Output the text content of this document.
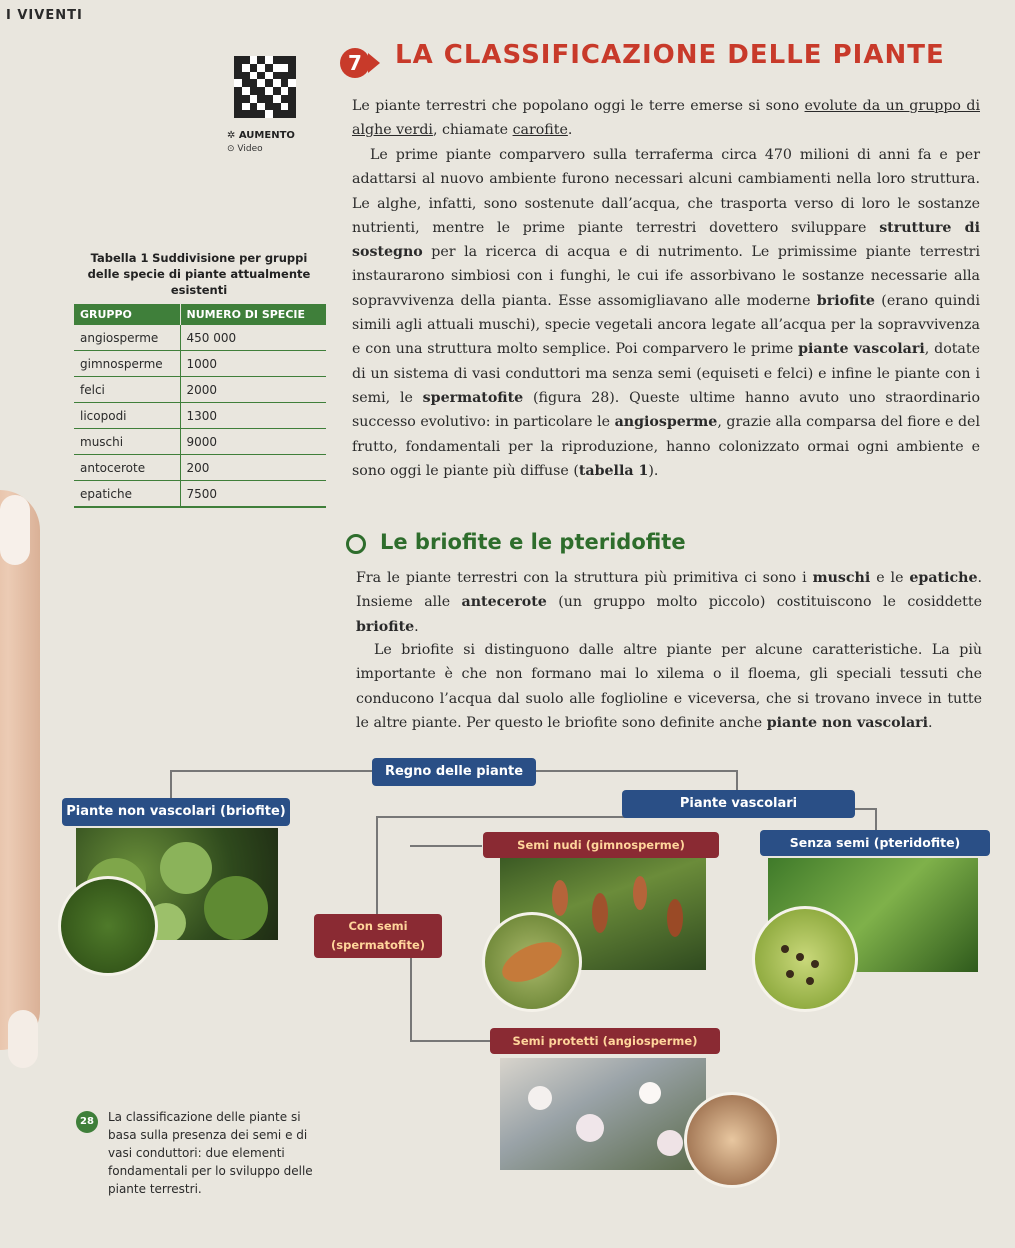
I VIVENTI
✲ AUMENTO
⊙ Video
7	LA CLASSIFICAZIONE DELLE PIANTE

Le piante terrestri che popolano oggi le terre emerse si sono evolute da un gruppo di alghe verdi, chiamate carofite.

Le prime piante comparvero sulla terraferma circa 470 milioni di anni fa e per adattarsi al nuovo ambiente furono necessari alcuni cambiamenti nella loro struttura. Le alghe, infatti, sono sostenute dall’acqua, che trasporta verso di loro le sostanze nutrienti, mentre le prime piante terrestri dovettero sviluppare strutture di sostegno per la ricerca di acqua e di nutrimento. Le primissime piante terrestri instaurarono simbiosi con i funghi, le cui ife assorbivano le sostanze necessarie alla sopravvivenza della pianta. Esse assomigliavano alle moderne briofite (erano quindi simili agli attuali muschi), specie vegetali ancora legate all’acqua per la sopravvivenza e con una struttura molto semplice. Poi comparvero le prime piante vascolari, dotate di un sistema di vasi conduttori ma senza semi (equiseti e felci) e infine le piante con i semi, le spermatofite (figura 28). Queste ultime hanno avuto uno straordinario successo evolutivo: in particolare le angiosperme, grazie alla comparsa del fiore e del frutto, fondamentali per la riproduzione, hanno colonizzato ormai ogni ambiente e sono oggi le piante più diffuse (tabella 1).

Tabella 1 Suddivisione per gruppi delle specie di piante attualmente esistenti
GRUPPO	NUMERO DI SPECIE
angiosperme	450 000
gimnosperme	1000
felci	2000
licopodi	1300
muschi	9000
antocerote	200
epatiche	7500
Le briofite e le pteridofite

Fra le piante terrestri con la struttura più primitiva ci sono i muschi e le epatiche. Insieme alle antecerote (un gruppo molto piccolo) costituiscono le cosiddette briofite.

Le briofite si distinguono dalle altre piante per alcune caratteristiche. La più importante è che non formano mai lo xilema o il floema, gli speciali tessuti che conducono l’acqua dal suolo alle foglioline e viceversa, che si trovano invece in tutte le altre piante. Per questo le briofite sono definite anche piante non vascolari.

Regno delle piante
Piante non vascolari (briofite)
Piante vascolari
Semi nudi (gimnosperme)	Senza semi (pteridofite)
Con semi (spermatofite)
Semi protetti (angiosperme)
28	La classificazione delle piante si basa sulla presenza dei semi e di vasi conduttori: due elementi fondamentali per lo sviluppo delle piante terrestri.
